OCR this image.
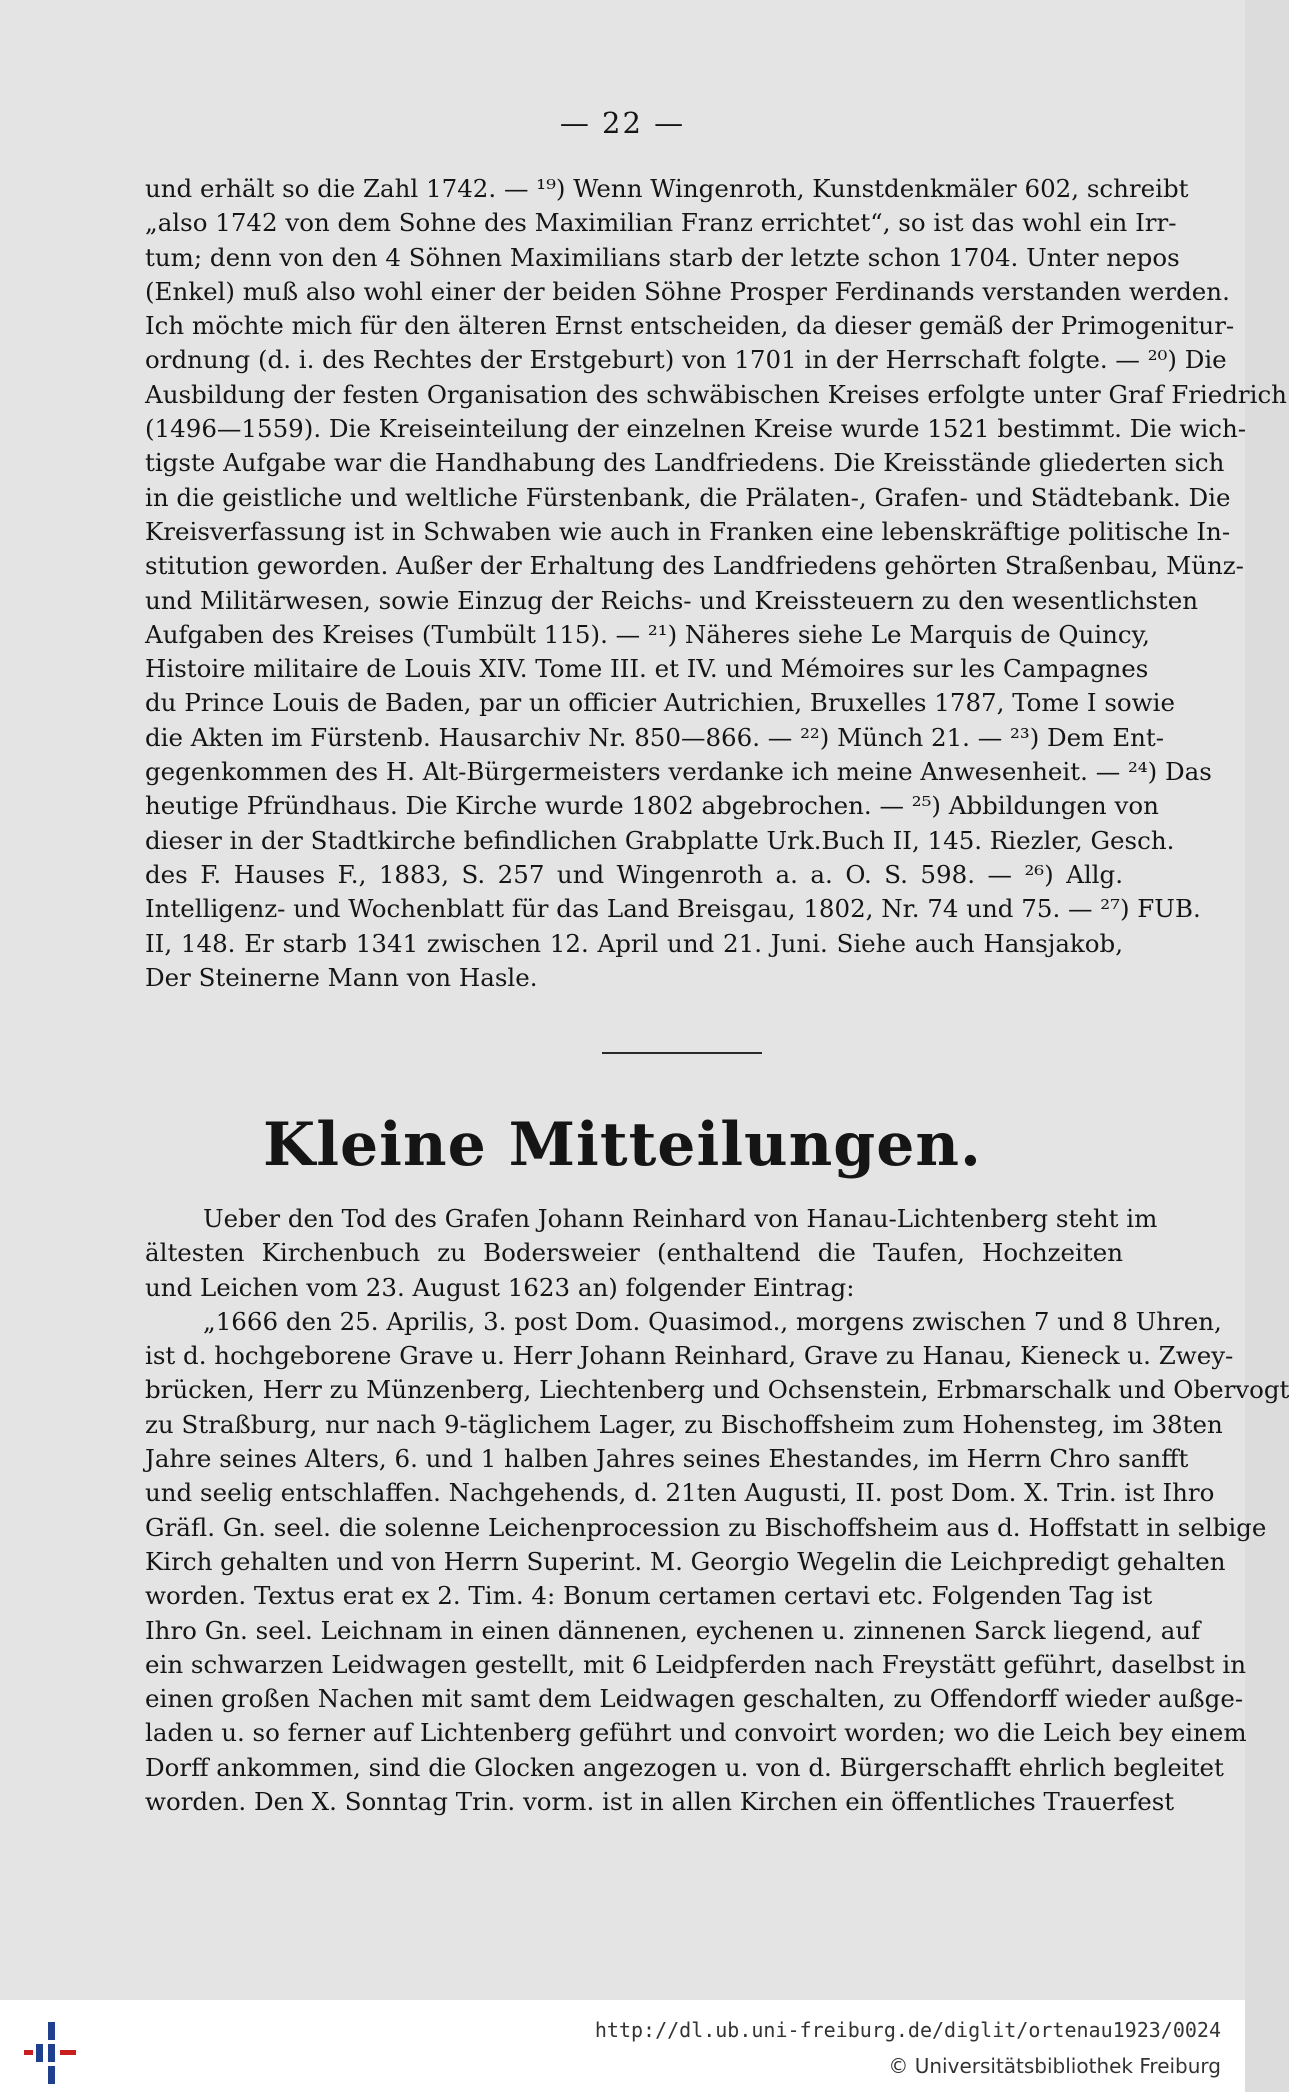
— 22 —
und erhält so die Zahl 1742. — ¹⁹) Wenn Wingenroth, Kunstdenkmäler 602, schreibt
„also 1742 von dem Sohne des Maximilian Franz errichtet“, so ist das wohl ein Irr-
tum; denn von den 4 Söhnen Maximilians starb der letzte schon 1704. Unter nepos
(Enkel) muß also wohl einer der beiden Söhne Prosper Ferdinands verstanden werden.
Ich möchte mich für den älteren Ernst entscheiden, da dieser gemäß der Primogenitur-
ordnung (d. i. des Rechtes der Erstgeburt) von 1701 in der Herrschaft folgte. — ²⁰) Die
Ausbildung der festen Organisation des schwäbischen Kreises erfolgte unter Graf Friedrich
(1496—1559). Die Kreiseinteilung der einzelnen Kreise wurde 1521 bestimmt. Die wich-
tigste Aufgabe war die Handhabung des Landfriedens. Die Kreisstände gliederten sich
in die geistliche und weltliche Fürstenbank, die Prälaten-, Grafen- und Städtebank. Die
Kreisverfassung ist in Schwaben wie auch in Franken eine lebenskräftige politische In-
stitution geworden. Außer der Erhaltung des Landfriedens gehörten Straßenbau, Münz-
und Militärwesen, sowie Einzug der Reichs- und Kreissteuern zu den wesentlichsten
Aufgaben des Kreises (Tumbült 115). — ²¹) Näheres siehe Le Marquis de Quincy,
Histoire militaire de Louis XIV. Tome III. et IV. und Mémoires sur les Campagnes
du Prince Louis de Baden, par un officier Autrichien, Bruxelles 1787, Tome I sowie
die Akten im Fürstenb. Hausarchiv Nr. 850—866. — ²²) Münch 21. — ²³) Dem Ent-
gegenkommen des H. Alt-Bürgermeisters verdanke ich meine Anwesenheit. — ²⁴) Das
heutige Pfründhaus. Die Kirche wurde 1802 abgebrochen. — ²⁵) Abbildungen von
dieser in der Stadtkirche befindlichen Grabplatte Urk.Buch II, 145. Riezler, Gesch.
des F. Hauses F., 1883, S. 257 und Wingenroth a. a. O. S. 598. — ²⁶) Allg.
Intelligenz- und Wochenblatt für das Land Breisgau, 1802, Nr. 74 und 75. — ²⁷) FUB.
II, 148. Er starb 1341 zwischen 12. April und 21. Juni. Siehe auch Hansjakob,
Der Steinerne Mann von Hasle.
Kleine Mitteilungen.
Ueber den Tod des Grafen Johann Reinhard von Hanau-Lichtenberg steht im
ältesten Kirchenbuch zu Bodersweier (enthaltend die Taufen, Hochzeiten
und Leichen vom 23. August 1623 an) folgender Eintrag:
„1666 den 25. Aprilis, 3. post Dom. Quasimod., morgens zwischen 7 und 8 Uhren,
ist d. hochgeborene Grave u. Herr Johann Reinhard, Grave zu Hanau, Kieneck u. Zwey-
brücken, Herr zu Münzenberg, Liechtenberg und Ochsenstein, Erbmarschalk und Obervogt
zu Straßburg, nur nach 9-täglichem Lager, zu Bischoffsheim zum Hohensteg, im 38ten
Jahre seines Alters, 6. und 1 halben Jahres seines Ehestandes, im Herrn Chro sanfft
und seelig entschlaffen. Nachgehends, d. 21ten Augusti, II. post Dom. X. Trin. ist Ihro
Gräfl. Gn. seel. die solenne Leichenprocession zu Bischoffsheim aus d. Hoffstatt in selbige
Kirch gehalten und von Herrn Superint. M. Georgio Wegelin die Leichpredigt gehalten
worden. Textus erat ex 2. Tim. 4: Bonum certamen certavi etc. Folgenden Tag ist
Ihro Gn. seel. Leichnam in einen dännenen, eychenen u. zinnenen Sarck liegend, auf
ein schwarzen Leidwagen gestellt, mit 6 Leidpferden nach Freystätt geführt, daselbst in
einen großen Nachen mit samt dem Leidwagen geschalten, zu Offendorff wieder außge-
laden u. so ferner auf Lichtenberg geführt und convoirt worden; wo die Leich bey einem
Dorff ankommen, sind die Glocken angezogen u. von d. Bürgerschafft ehrlich begleitet
worden. Den X. Sonntag Trin. vorm. ist in allen Kirchen ein öffentliches Trauerfest
http://dl.ub.uni-freiburg.de/diglit/ortenau1923/0024
© Universitätsbibliothek Freiburg
